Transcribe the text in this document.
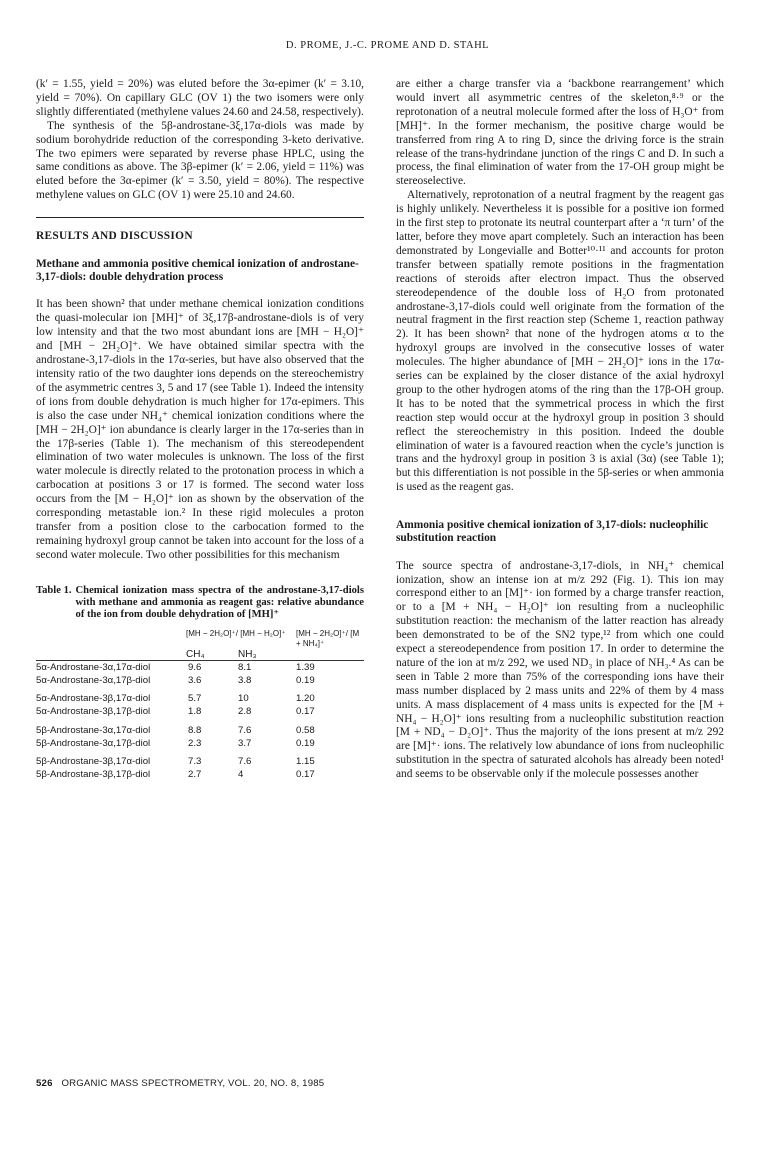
D. PROME, J.-C. PROME AND D. STAHL

(k′ = 1.55, yield = 20%) was eluted before the 3α-epimer (k′ = 3.10, yield = 70%). On capillary GLC (OV 1) the two isomers were only slightly differentiated (methylene values 24.60 and 24.58, respectively).

The synthesis of the 5β-androstane-3ξ,17α-diols was made by sodium borohydride reduction of the corresponding 3-keto derivative. The two epimers were separated by reverse phase HPLC, using the same conditions as above. The 3β-epimer (k′ = 2.06, yield = 11%) was eluted before the 3α-epimer (k′ = 3.50, yield = 80%). The respective methylene values on GLC (OV 1) were 25.10 and 24.60.

RESULTS AND DISCUSSION
Methane and ammonia positive chemical ionization of androstane-3,17-diols: double dehydration process

It has been shown² that under methane chemical ionization conditions the quasi-molecular ion [MH]⁺ of 3ξ,17β-androstane-diols is of very low intensity and that the two most abundant ions are [MH − H₂O]⁺ and [MH − 2H₂O]⁺. We have obtained similar spectra with the androstane-3,17-diols in the 17α-series, but have also observed that the intensity ratio of the two daughter ions depends on the stereochemistry of the asymmetric centres 3, 5 and 17 (see Table 1). Indeed the intensity of ions from double dehydration is much higher for 17α-epimers. This is also the case under NH₄⁺ chemical ionization conditions where the [MH − 2H₂O]⁺ ion abundance is clearly larger in the 17α-series than in the 17β-series (Table 1). The mechanism of this stereodependent elimination of two water molecules is unknown. The loss of the first water molecule is directly related to the protonation process in which a carbocation at positions 3 or 17 is formed. The second water loss occurs from the [M − H₂O]⁺ ion as shown by the observation of the corresponding metastable ion.² In these rigid molecules a proton transfer from a position close to the carbocation formed to the remaining hydroxyl group cannot be taken into account for the loss of a second water molecule. Two other possibilities for this mechanism

Table 1. Chemical ionization mass spectra of the androstane-3,17-diols with methane and ammonia as reagent gas: relative abundance of the ion from double dehydration of [MH]⁺
	[MH − 2H₂O]⁺/ [MH − H₂O]⁺		[MH − 2H₂O]⁺/ [M + NH₄]⁺
	CH₄	NH₃	
5α-Androstane-3α,17α-diol	9.6	8.1	1.39
5α-Androstane-3α,17β-diol	3.6	3.8	0.19
5α-Androstane-3β,17α-diol	5.7	10	1.20
5α-Androstane-3β,17β-diol	1.8	2.8	0.17
5β-Androstane-3α,17α-diol	8.8	7.6	0.58
5β-Androstane-3α,17β-diol	2.3	3.7	0.19
5β-Androstane-3β,17α-diol	7.3	7.6	1.15
5β-Androstane-3β,17β-diol	2.7	4	0.17

are either a charge transfer via a ‘backbone rearrangement’ which would invert all asymmetric centres of the skeleton,⁸·⁹ or the reprotonation of a neutral molecule formed after the loss of H₃O⁺ from [MH]⁺. In the former mechanism, the positive charge would be transferred from ring A to ring D, since the driving force is the strain release of the trans-hydrindane junction of the rings C and D. In such a process, the final elimination of water from the 17-OH group might be stereoselective.

Alternatively, reprotonation of a neutral fragment by the reagent gas is highly unlikely. Nevertheless it is possible for a positive ion formed in the first step to protonate its neutral counterpart after a ‘π turn’ of the latter, before they move apart completely. Such an interaction has been demonstrated by Longevialle and Botter¹⁰·¹¹ and accounts for proton transfer between spatially remote positions in the fragmentation reactions of steroids after electron impact. Thus the observed stereodependence of the double loss of H₂O from protonated androstane-3,17-diols could well originate from the formation of the neutral fragment in the first reaction step (Scheme 1, reaction pathway 2). It has been shown² that none of the hydrogen atoms α to the hydroxyl groups are involved in the consecutive losses of water molecules. The higher abundance of [MH − 2H₂O]⁺ ions in the 17α-series can be explained by the closer distance of the axial hydroxyl group to the other hydrogen atoms of the ring than the 17β-OH group. It has to be noted that the symmetrical process in which the first reaction step would occur at the hydroxyl group in position 3 should reflect the stereochemistry in this position. Indeed the double elimination of water is a favoured reaction when the cycle’s junction is trans and the hydroxyl group in position 3 is axial (3α) (see Table 1); but this differentiation is not possible in the 5β-series or when ammonia is used as the reagent gas.

Ammonia positive chemical ionization of 3,17-diols: nucleophilic substitution reaction

The source spectra of androstane-3,17-diols, in NH₄⁺ chemical ionization, show an intense ion at m/z 292 (Fig. 1). This ion may correspond either to an [M]⁺· ion formed by a charge transfer reaction, or to a [M + NH₄ − H₂O]⁺ ion resulting from a nucleophilic substitution reaction: the mechanism of the latter reaction has already been demonstrated to be of the SN2 type,¹² from which one could expect a stereodependence from position 17. In order to determine the nature of the ion at m/z 292, we used ND₃ in place of NH₃.⁴ As can be seen in Table 2 more than 75% of the corresponding ions have their mass number displaced by 2 mass units and 22% of them by 4 mass units. A mass displacement of 4 mass units is expected for the [M + NH₄ − H₂O]⁺ ions resulting from a nucleophilic substitution reaction [M + ND₄ − D₂O]⁺. Thus the majority of the ions present at m/z 292 are [M]⁺· ions. The relatively low abundance of ions from nucleophilic substitution in the spectra of saturated alcohols has already been noted¹ and seems to be observable only if the molecule possesses another

526 ORGANIC MASS SPECTROMETRY, VOL. 20, NO. 8, 1985
